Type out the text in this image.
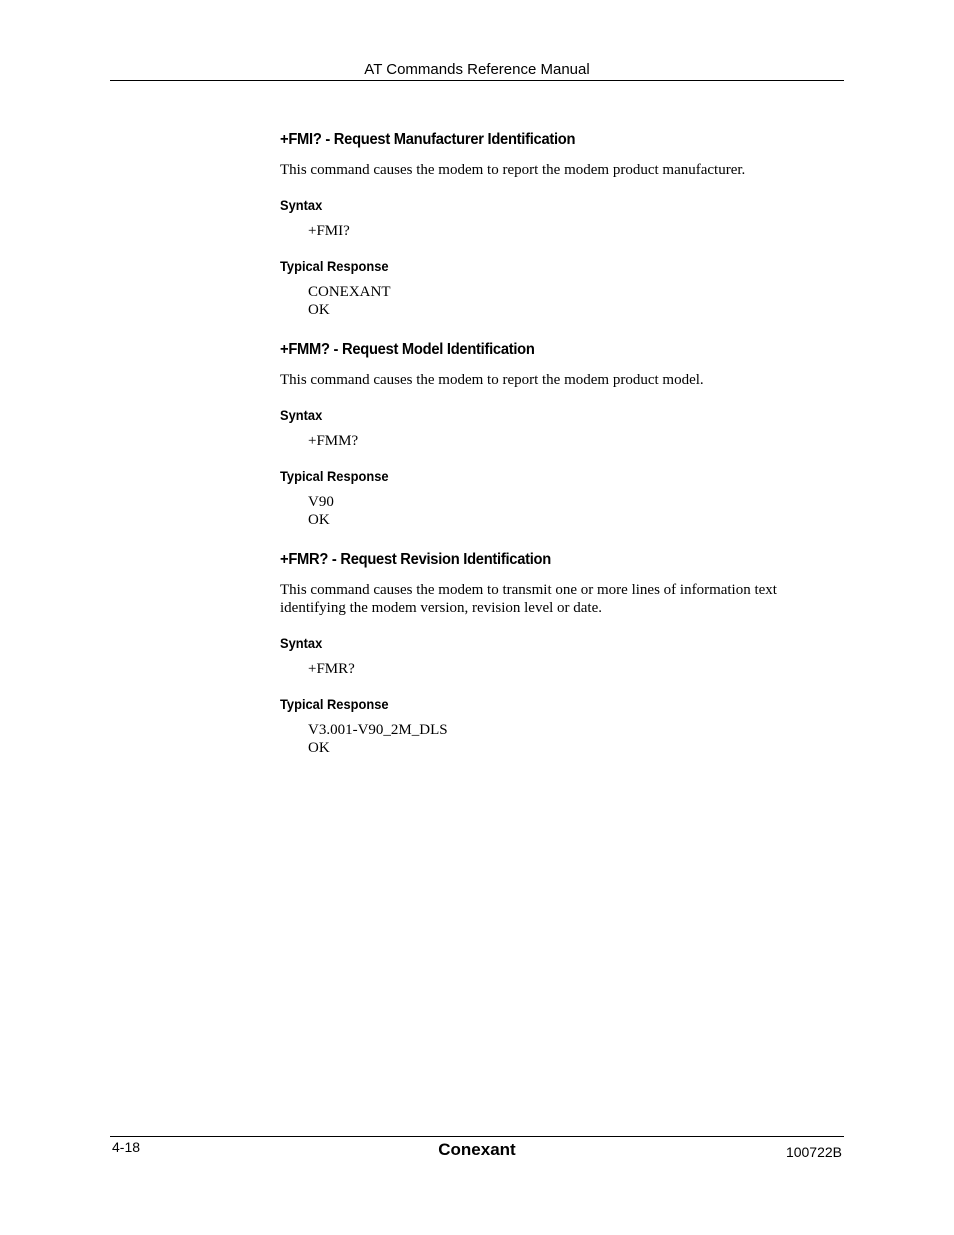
AT Commands Reference Manual
+FMI? - Request Manufacturer Identification

This command causes the modem to report the modem product manufacturer.

Syntax
+FMI?
Typical Response
CONEXANT
OK
+FMM? - Request Model Identification

This command causes the modem to report the modem product model.

Syntax
+FMM?
Typical Response
V90
OK
+FMR? - Request Revision Identification

This command causes the modem to transmit one or more lines of information text identifying the modem version, revision level or date.

Syntax
+FMR?
Typical Response
V3.001-V90_2M_DLS
OK
4-18	Conexant	100722B
